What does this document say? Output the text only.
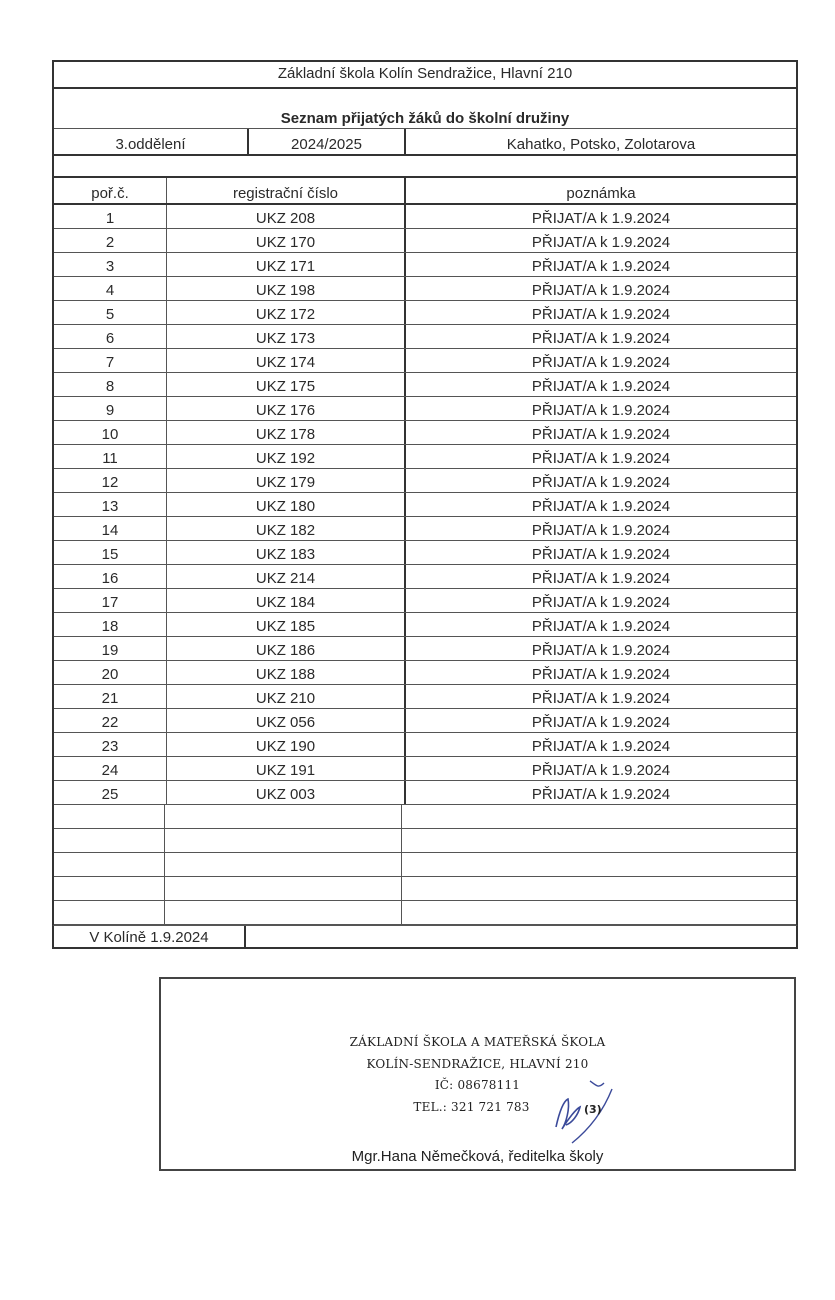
Základní škola Kolín Sendražice, Hlavní 210
Seznam přijatých žáků do školní družiny
3.oddělení	2024/2025	Kahatko, Potsko, Zolotarova
poř.č.	registrační číslo	poznámka
1	UKZ 208	PŘIJAT/A k 1.9.2024
2	UKZ 170	PŘIJAT/A k 1.9.2024
3	UKZ 171	PŘIJAT/A k 1.9.2024
4	UKZ 198	PŘIJAT/A k 1.9.2024
5	UKZ 172	PŘIJAT/A k 1.9.2024
6	UKZ 173	PŘIJAT/A k 1.9.2024
7	UKZ 174	PŘIJAT/A k 1.9.2024
8	UKZ 175	PŘIJAT/A k 1.9.2024
9	UKZ 176	PŘIJAT/A k 1.9.2024
10	UKZ 178	PŘIJAT/A k 1.9.2024
11	UKZ 192	PŘIJAT/A k 1.9.2024
12	UKZ 179	PŘIJAT/A k 1.9.2024
13	UKZ 180	PŘIJAT/A k 1.9.2024
14	UKZ 182	PŘIJAT/A k 1.9.2024
15	UKZ 183	PŘIJAT/A k 1.9.2024
16	UKZ 214	PŘIJAT/A k 1.9.2024
17	UKZ 184	PŘIJAT/A k 1.9.2024
18	UKZ 185	PŘIJAT/A k 1.9.2024
19	UKZ 186	PŘIJAT/A k 1.9.2024
20	UKZ 188	PŘIJAT/A k 1.9.2024
21	UKZ 210	PŘIJAT/A k 1.9.2024
22	UKZ 056	PŘIJAT/A k 1.9.2024
23	UKZ 190	PŘIJAT/A k 1.9.2024
24	UKZ 191	PŘIJAT/A k 1.9.2024
25	UKZ 003	PŘIJAT/A k 1.9.2024
V Kolíně 1.9.2024
ZÁKLADNÍ ŠKOLA A MATEŘSKÁ ŠKOLA
KOLÍN-SENDRAŽICE, HLAVNÍ 210
IČ: 08678111
TEL.: 321 721 783	(3)
Mgr.Hana Němečková, ředitelka školy
